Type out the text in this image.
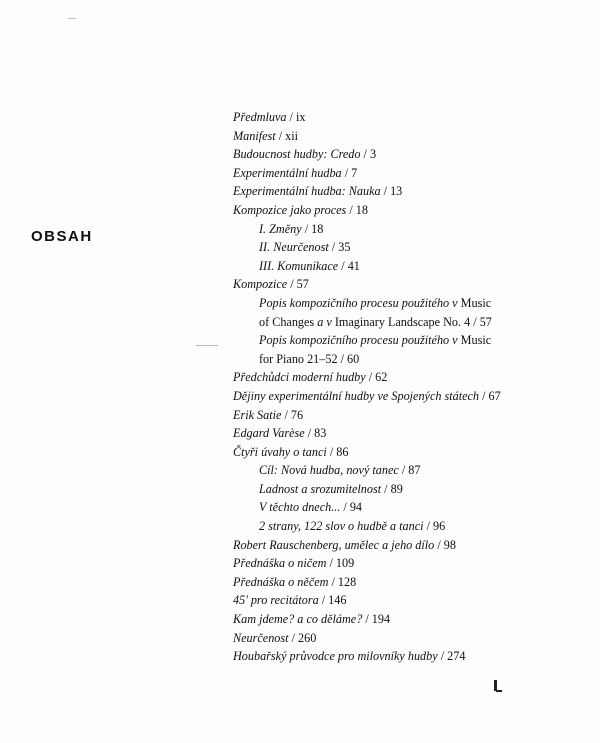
OBSAH
Předmluva / ix
Manifest / xii
Budoucnost hudby: Credo / 3
Experimentální hudba / 7
Experimentální hudba: Nauka / 13
Kompozice jako proces / 18
I. Změny / 18
II. Neurčenost / 35
III. Komunikace / 41
Kompozice / 57
Popis kompozičního procesu použitého v Music
of Changes a v Imaginary Landscape No. 4 / 57
Popis kompozičního procesu použitého v Music
for Piano 21–52 / 60
Předchůdci moderní hudby / 62
Dějiny experimentální hudby ve Spojených státech / 67
Erik Satie / 76
Edgard Varèse / 83
Čtyři úvahy o tanci / 86
Cíl: Nová hudba, nový tanec / 87
Ladnost a srozumitelnost / 89
V těchto dnech... / 94
2 strany, 122 slov o hudbě a tanci / 96
Robert Rauschenberg, umělec a jeho dílo / 98
Přednáška o ničem / 109
Přednáška o něčem / 128
45' pro recitátora / 146
Kam jdeme? a co děláme? / 194
Neurčenost / 260
Houbařský průvodce pro milovníky hudby / 274
